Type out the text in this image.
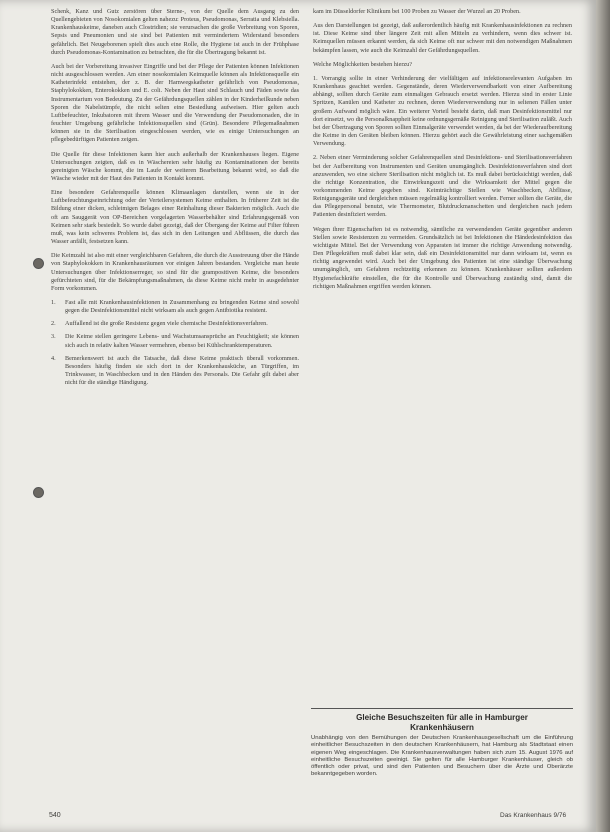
Schenk, Kanz und Gutz zerstören über Sterne-, von der Quelle dem Ausgang zu den Quellengebieten von Nosokomialen gelten nahezu: Proteus, Pseudomonas, Serratia und Klebsiella. Krankenhauskeime, daneben auch Clostridien; sie verursachen die große Verbreitung von Sporen, Sepsis und Pneumonien und sie sind bei Patienten mit vermindertem Widerstand besonders gefährlich. Bei Neugeborenen spielt dies auch eine Rolle, die Hygiene ist auch in der Frühphase durch Pseudomonas-Kontamination zu betrachten, die für die Übertragung bekannt ist.

Auch bei der Vorbereitung invasiver Eingriffe und bei der Pflege der Patienten können Infektionen nicht ausgeschlossen werden. Am einer nosokomialen Keimquelle können als Infektionsquelle ein Katheterinfekt entstehen, der z. B. der Harnwegskatheter gefährlich von Pseudomonas, Staphylokokken, Enterokokken und E. coli. Neben der Haut sind Schlauch und Fäden sowie das Instrumentarium von Bedeutung. Zu der Gefährdungsquellen zählen in der Kinderheilkunde neben Sporen die Nabelstümpfe, die nicht selten eine Besiedlung aufweisen. Hier gelten auch Luftbefeuchter, Inkubatoren mit ihrem Wasser und die Verwendung der Pseudomonaden, die in feuchter Umgebung gefährliche Infektionsquellen sind (Grün). Besondere Pflegemaßnahmen können sie in die Sterilisation eingeschlossen werden, wie es einige Untersuchungen an pflegebedürftigen Patienten zeigen.

Die Quelle für diese Infektionen kann hier auch außerhalb der Krankenhauses liegen. Eigene Untersuchungen zeigten, daß es in Wäschereien sehr häufig zu Kontaminationen der bereits gereinigten Wäsche kommt, die im Laufe der weiteren Bearbeitung bekannt wird, so daß die Wäsche wieder mit der Haut des Patienten in Kontakt kommt.

Eine besondere Gefahrenquelle können Klimaanlagen darstellen, wenn sie in der Luftbefeuchtungseinrichtung oder der Verteilersystemen Keime enthalten. In früherer Zeit ist die Bildung einer dicken, schleimigen Belages einer Reinhaltung dieser Bakterien möglich. Auch die oft am Sauggerät von OP-Bereichen vorgelagerten Wasserbehälter sind Erfahrungsgemäß von Keimen sehr stark besiedelt. So wurde dabei gezeigt, daß der Übergang der Keime auf Filter führen muß, was kein schweres Problem ist, das sich in den Leitungen und Abflüssen, die durch das Wasser anfällt, festsetzen kann.

Die Keimzahl ist also mit einer vergleichbaren Gefahren, die durch die Ausstreuung über die Hände von Staphylokokken in Krankenhausräumen vor einigen Jahren bestanden. Vergleiche man heute Untersuchungen über Infektionserreger, so sind für die grampositiven Keime, die besonders gefürchteten sind, für die Bekämpfungsmaßnahmen, da diese Keime nicht mehr in ausgedehnter Form vorkommen.

1. Fast alle mit Krankenhausinfektionen in Zusammenhang zu bringenden Keime sind sowohl gegen die Desinfektionsmittel nicht wirksam als auch gegen Antibiotika resistent.
2. Auffallend ist die große Resistenz gegen viele chemische Desinfektionsverfahren.
3. Die Keime stellen geringere Lebens- und Wachstumsansprüche an Feuchtigkeit; sie können sich auch in relativ kalten Wasser vermehren, ebenso bei Kühlschranktemperaturen.
4. Bemerkenswert ist auch die Tatsache, daß diese Keime praktisch überall vorkommen. Besonders häufig finden sie sich dort in der Krankenhausküche, an Türgriffen, im Trinkwasser, in Waschbecken und in den Händen des Personals. Die Gefahr gilt dabei aber nicht für die ständige Händigung.

kam im Düsseldorfer Klinikum bei 100 Proben zu Wasser der Wurzel an 20 Proben.

Aus den Darstellungen ist gezeigt, daß außerordentlich häufig mit Krankenhausinfektionen zu rechnen ist. Diese Keime sind über längere Zeit mit allen Mitteln zu verhindern, wenn dies schwer ist. Keimquellen müssen erkannt werden, da sich Keime oft nur schwer mit den notwendigen Maßnahmen bekämpfen lassen, wie auch die Keimzahl der Gefährdungsquellen.

Welche Möglichkeiten bestehen hierzu?

1. Vorrangig sollte in einer Verhinderung der vielfältigen auf infektionsrelevanten Aufgaben im Krankenhaus geachtet werden. Gegenstände, deren Wiederverwendbarkeit von einer Aufbereitung abhängt, sollten durch Geräte zum einmaligen Gebrauch ersetzt werden. Hierzu sind in erster Linie Spritzen, Kanülen und Katheter zu rechnen, deren Wiederverwendung nur in seltenen Fällen unter großem Aufwand möglich wäre. Ein weiterer Vorteil besteht darin, daß man Desinfektionsmittel nur dort einsetzt, wo die Personalknappheit keine ordnungsgemäße Reinigung und Sterilisation zuläßt. Auch bei der Übertragung von Sporen sollten Einmalgeräte verwendet werden, da bei der Wiederaufbereitung die Keime in den Geräten bleiben können. Hierzu gehört auch die Gewährleistung einer sachgemäßen Verwendung.

2. Neben einer Verminderung solcher Gefahrenquellen sind Desinfektions- und Sterilisationsverfahren bei der Aufbereitung von Instrumenten und Geräten unumgänglich. Desinfektionsverfahren sind dort anzuwenden, wo eine sichere Sterilisation nicht möglich ist. Es muß dabei berücksichtigt werden, daß die richtige Konzentration, die Einwirkungszeit und die Wirksamkeit der Mittel gegen die vorkommenden Keime gegeben sind. Keimträchtige Stellen wie Waschbecken, Abflüsse, Reinigungsgeräte und dergleichen müssen regelmäßig kontrolliert werden. Ferner sollten die Geräte, die das Pflegepersonal benutzt, wie Thermometer, Blutdruckmanschetten und dergleichen nach jedem Patienten desinfiziert werden.

Wegen ihrer Eigenschaften ist es notwendig, sämtliche zu verwendenden Geräte gegenüber anderen Stellen sowie Resistenzen zu vermeiden. Grundsätzlich ist bei Infektionen die Händedesinfektion das wichtigste Mittel. Bei der Verwendung von Apparaten ist immer die richtige Anwendung notwendig. Den Pflegekräften muß dabei klar sein, daß ein Desinfektionsmittel nur dann wirksam ist, wenn es richtig angewendet wird. Auch bei der Umgebung des Patienten ist eine ständige Überwachung unumgänglich, um Gefahren rechtzeitig erkennen zu können. Krankenhäuser sollten außerdem Hygienefachkräfte einstellen, die für die Kontrolle und Überwachung zuständig sind, damit die richtigen Maßnahmen ergriffen werden können.

Gleiche Besuchszeiten für alle in Hamburger
Krankenhäusern

Unabhängig von den Bemühungen der Deutschen Krankenhausgesellschaft um die Einführung einheitlicher Besuchszeiten in den deutschen Krankenhäusern, hat Hamburg als Stadtstaat einen eigenen Weg eingeschlagen. Die Krankenhausverwaltungen haben sich zum 15. August 1976 auf einheitliche Besuchszeiten geeinigt. Sie gelten für alle Hamburger Krankenhäuser, gleich ob öffentlich oder privat, und sind den Patienten und Besuchern über die Ärzte und Oberärzte bekanntgegeben worden.

540	Das Krankenhaus 9/76
